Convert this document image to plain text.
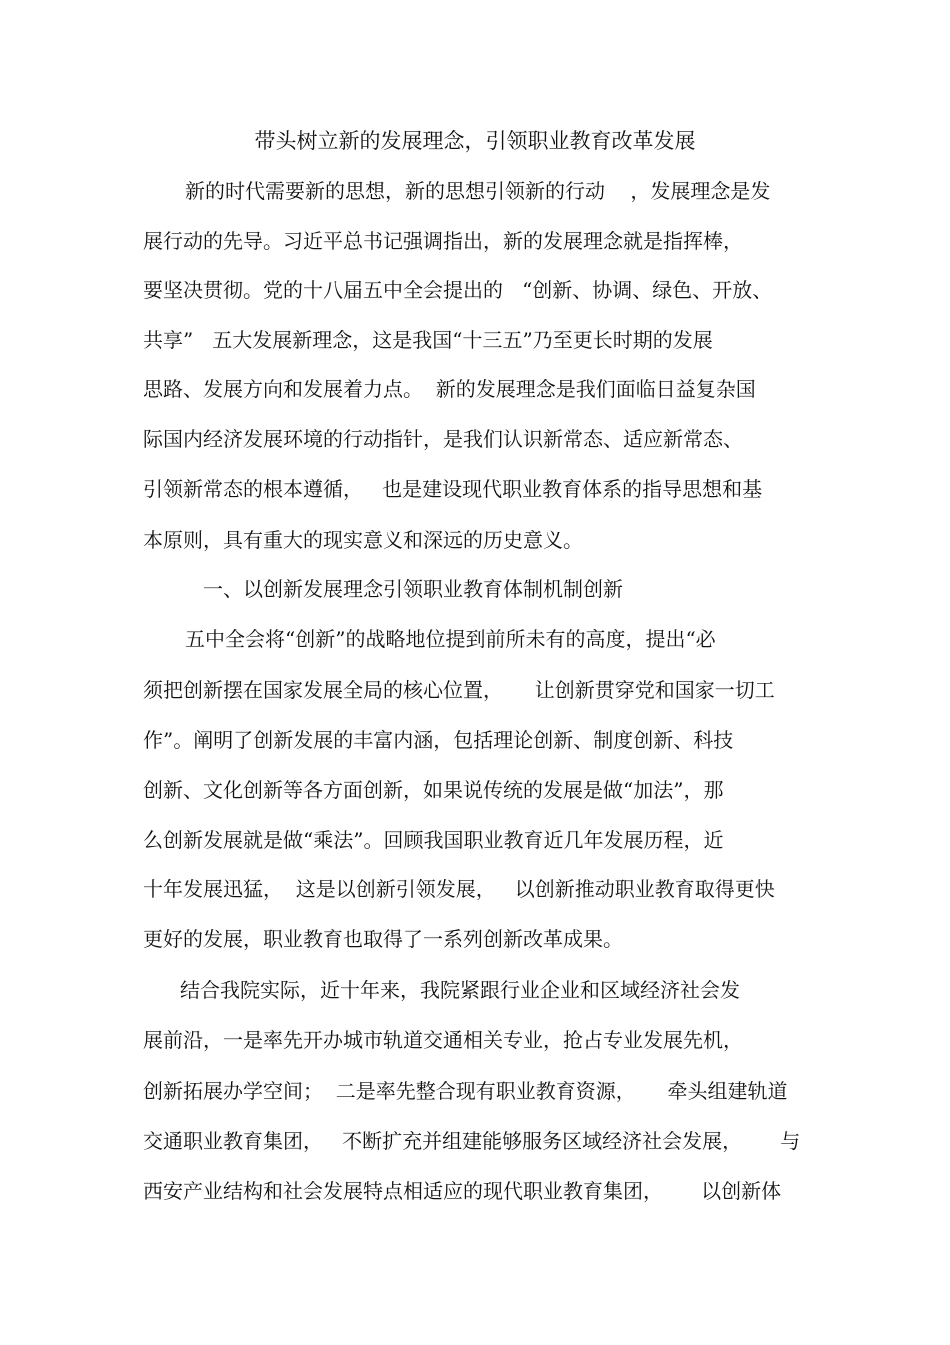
带头树立新的发展理念，引领职业教育改革发展
新的时代需要新的思想，新的思想引领新的行动    ，发展理念是发
展行动的先导。习近平总书记强调指出，新的发展理念就是指挥棒，
要坚决贯彻。党的十八届五中全会提出的   “创新、协调、绿色、开放、
共享”   五大发展新理念，这是我国“十三五”乃至更长时期的发展
思路、发展方向和发展着力点。  新的发展理念是我们面临日益复杂国
际国内经济发展环境的行动指针，是我们认识新常态、适应新常态、
引领新常态的根本遵循，   也是建设现代职业教育体系的指导思想和基
本原则，具有重大的现实意义和深远的历史意义。
一、以创新发展理念引领职业教育体制机制创新
五中全会将“创新”的战略地位提到前所未有的高度，提出“必
须把创新摆在国家发展全局的核心位置，     让创新贯穿党和国家一切工
作”。阐明了创新发展的丰富内涵，包括理论创新、制度创新、科技
创新、文化创新等各方面创新，如果说传统的发展是做“加法”，那
么创新发展就是做“乘法”。回顾我国职业教育近几年发展历程，近
十年发展迅猛，  这是以创新引领发展，   以创新推动职业教育取得更快
更好的发展，职业教育也取得了一系列创新改革成果。
结合我院实际，近十年来，我院紧跟行业企业和区域经济社会发
展前沿，一是率先开办城市轨道交通相关专业，抢占专业发展先机，
创新拓展办学空间；  二是率先整合现有职业教育资源，     牵头组建轨道
交通职业教育集团，   不断扩充并组建能够服务区域经济社会发展，      与
西安产业结构和社会发展特点相适应的现代职业教育集团，      以创新体
